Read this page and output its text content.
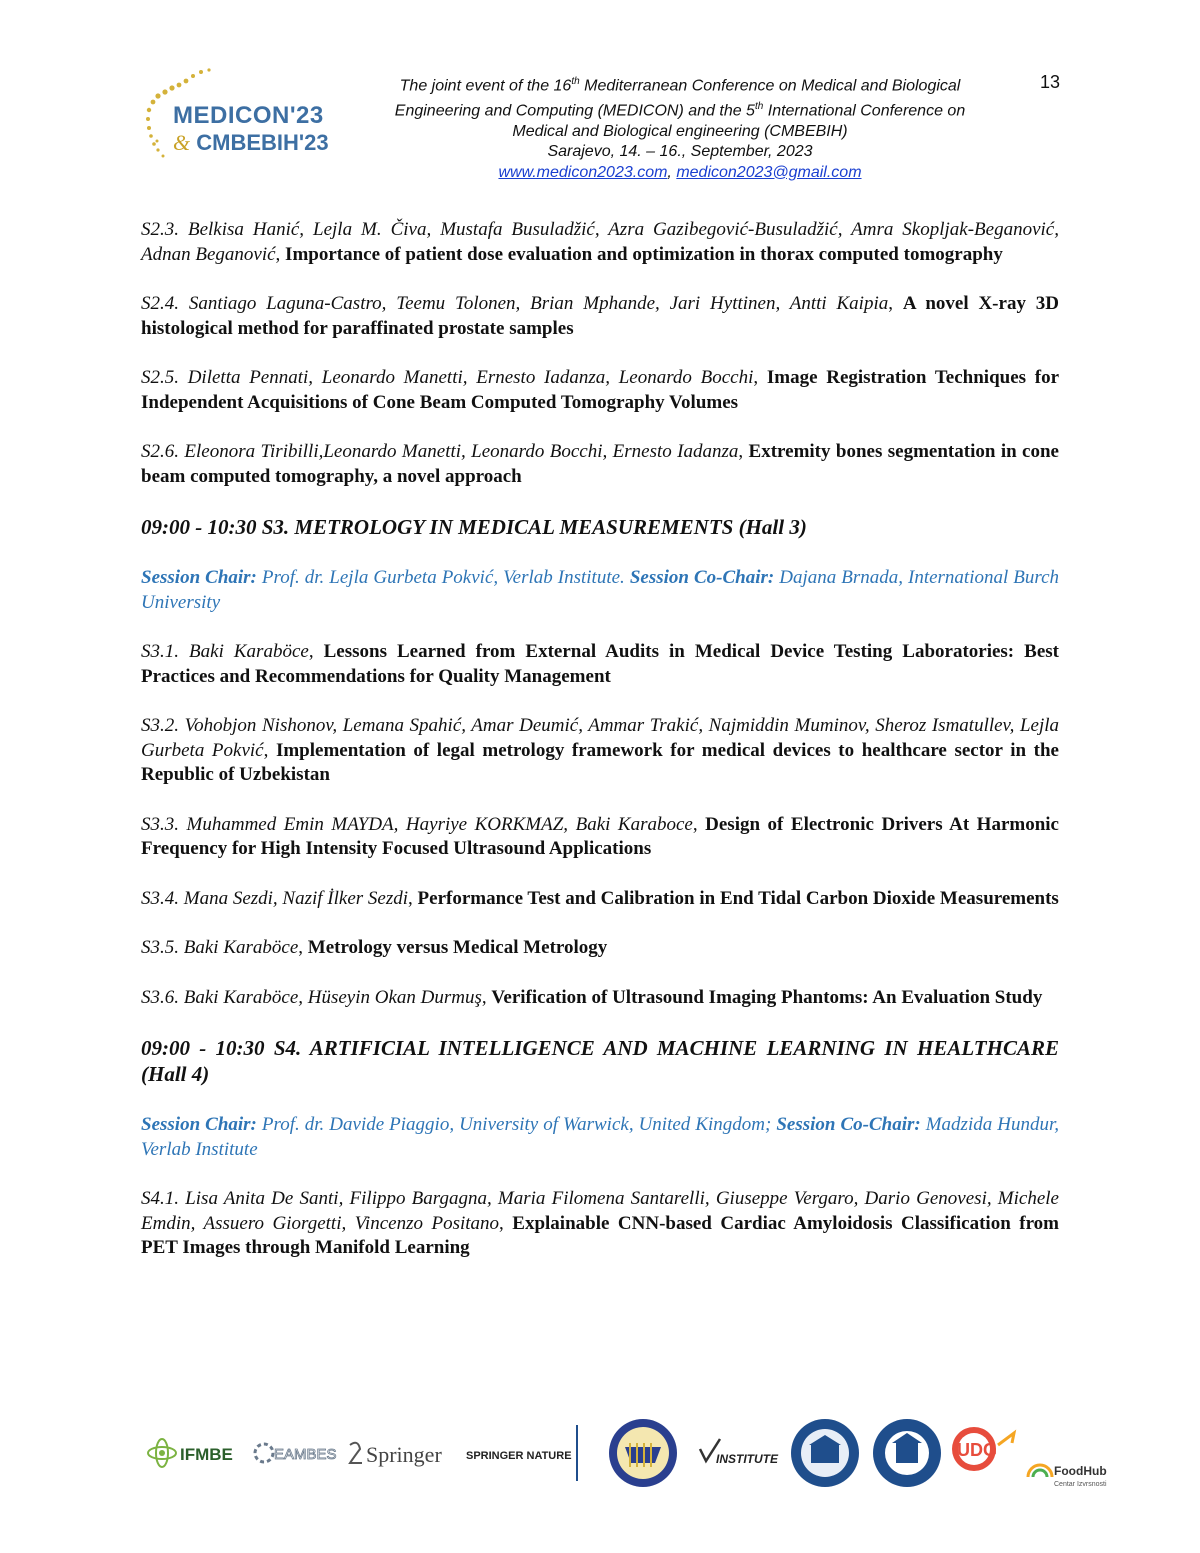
MEDICON'23
& CMBEBIH'23
The joint event of the 16th Mediterranean Conference on Medical and Biological
Engineering and Computing (MEDICON) and the 5th International Conference on
Medical and Biological engineering (CMBEBIH)
Sarajevo, 14. – 16., September, 2023
www.medicon2023.com, medicon2023@gmail.com
13

S2.3. Belkisa Hanić, Lejla M. Čiva, Mustafa Busuladžić, Azra Gazibegović-Busuladžić, Amra Skopljak-Beganović, Adnan Beganović, Importance of patient dose evaluation and optimization in thorax computed tomography

S2.4. Santiago Laguna-Castro, Teemu Tolonen, Brian Mphande, Jari Hyttinen, Antti Kaipia, A novel X-ray 3D histological method for paraffinated prostate samples

S2.5. Diletta Pennati, Leonardo Manetti, Ernesto Iadanza, Leonardo Bocchi, Image Registration Techniques for Independent Acquisitions of Cone Beam Computed Tomography Volumes

S2.6. Eleonora Tiribilli,Leonardo Manetti, Leonardo Bocchi, Ernesto Iadanza, Extremity bones segmentation in cone beam computed tomography, a novel approach

09:00 - 10:30 S3. METROLOGY IN MEDICAL MEASUREMENTS (Hall 3)

Session Chair: Prof. dr. Lejla Gurbeta Pokvić, Verlab Institute. Session Co-Chair: Dajana Brnada, International Burch University

S3.1. Baki Karaböce, Lessons Learned from External Audits in Medical Device Testing Laboratories: Best Practices and Recommendations for Quality Management

S3.2. Vohobjon Nishonov, Lemana Spahić, Amar Deumić, Ammar Trakić, Najmiddin Muminov, Sheroz Ismatullev, Lejla Gurbeta Pokvić, Implementation of legal metrology framework for medical devices to healthcare sector in the Republic of Uzbekistan

S3.3. Muhammed Emin MAYDA, Hayriye KORKMAZ, Baki Karaboce, Design of Electronic Drivers At Harmonic Frequency for High Intensity Focused Ultrasound Applications

S3.4. Mana Sezdi, Nazif İlker Sezdi, Performance Test and Calibration in End Tidal Carbon Dioxide Measurements

S3.5. Baki Karaböce, Metrology versus Medical Metrology

S3.6. Baki Karaböce, Hüseyin Okan Durmuş, Verification of Ultrasound Imaging Phantoms: An Evaluation Study

09:00 - 10:30 S4. ARTIFICIAL INTELLIGENCE AND MACHINE LEARNING IN HEALTHCARE (Hall 4)

Session Chair: Prof. dr. Davide Piaggio, University of Warwick, United Kingdom; Session Co-Chair: Madzida Hundur, Verlab Institute

S4.1. Lisa Anita De Santi, Filippo Bargagna, Maria Filomena Santarelli, Giuseppe Vergaro, Dario Genovesi, Michele Emdin, Assuero Giorgetti, Vincenzo Positano, Explainable CNN-based Cardiac Amyloidosis Classification from PET Images through Manifold Learning

IFMBE	EAMBES Springer SPRINGER NATURE	INSTITUTE	UDG
FoodHub
Centar Izvrsnosti
